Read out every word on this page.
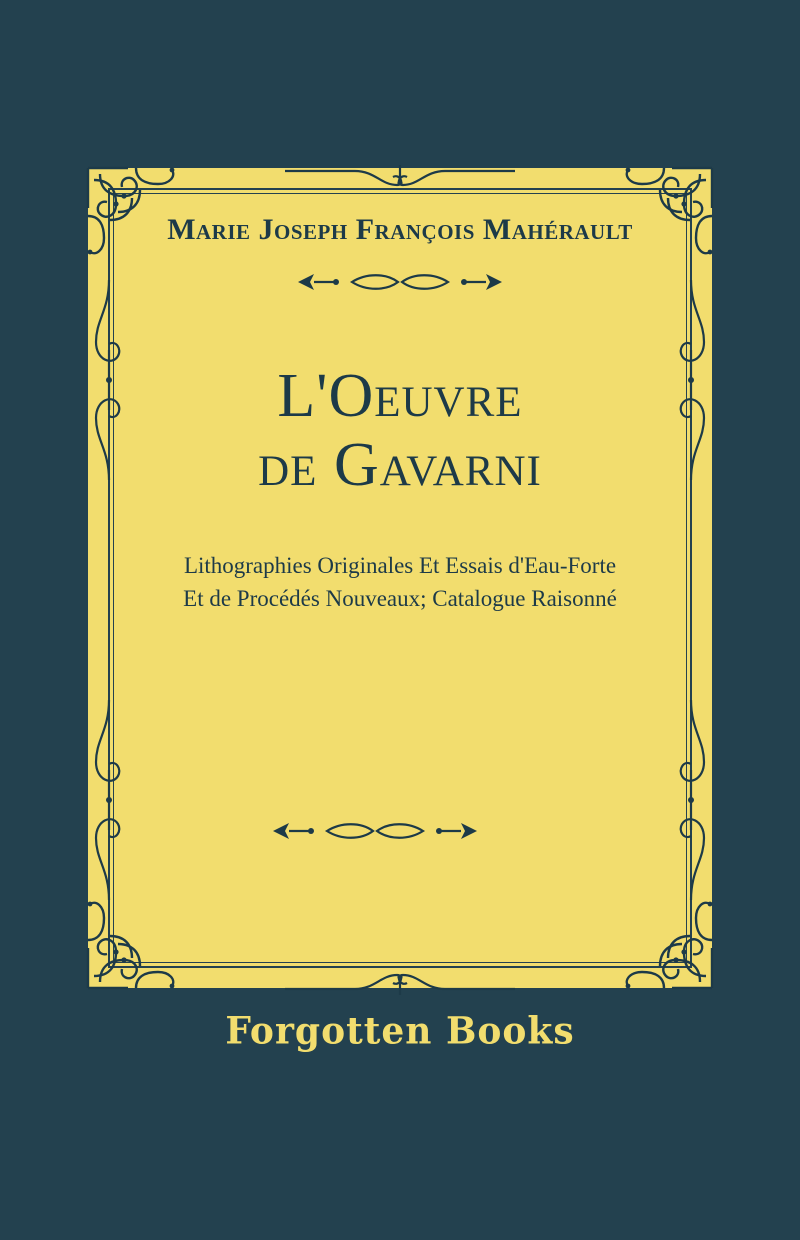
Marie Joseph François Mahérault
L'Oeuvre
de Gavarni
Lithographies Originales Et Essais d'Eau-Forte
Et de Procédés Nouveaux; Catalogue Raisonné
Forgotten Books
